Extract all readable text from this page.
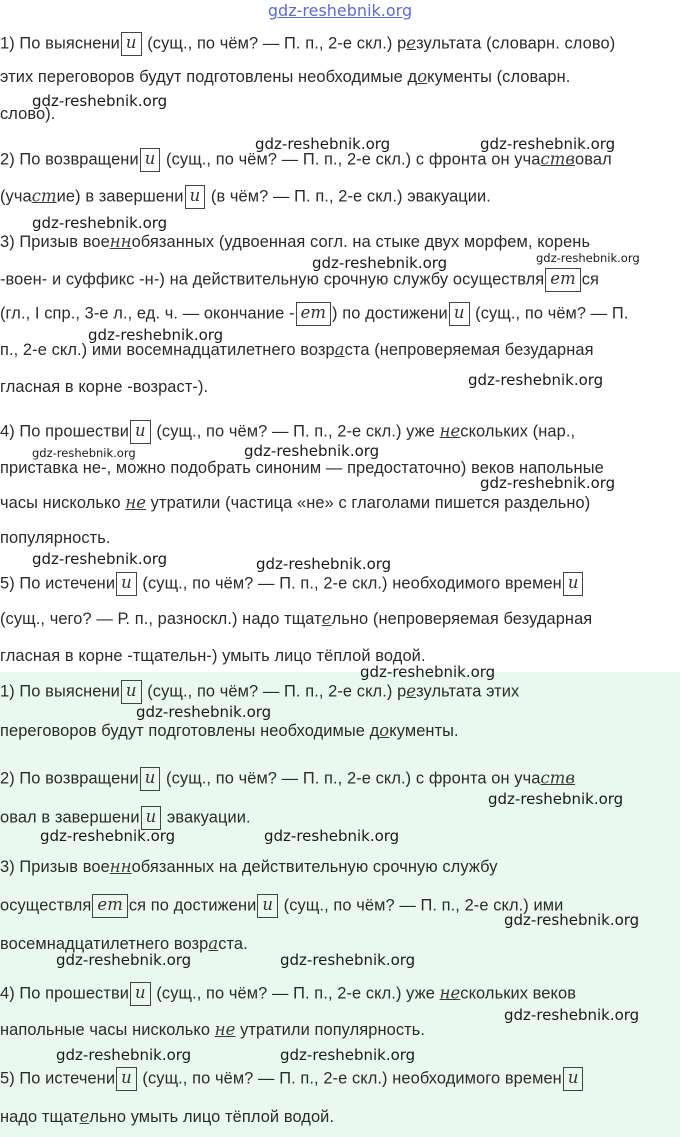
gdz-reshebnik.org
1) По выяснени и (сущ., по чём? — П. п., 2-е скл.) результата (словарн. слово)
этих переговоров будут подготовлены необходимые документы (словарн.
слово).
2) По возвращени и (сущ., по чём? — П. п., 2-е скл.) с фронта он участвовал
(участие) в завершени и (в чём? — П. п., 2-е скл.) эвакуации.
3) Призыв военнобязанных (удвоенная согл. на стыке двух морфем, корень
-воен- и суффикс -н-) на действительную срочную службу осуществля ет ся
(гл., I спр., 3-е л., ед. ч. — окончание - ет ) по достижени и (сущ., по чём? — П.
п., 2-е скл.) ими восемнадцатилетнего возраста (непроверяемая безударная
гласная в корне -возраст-).
4) По прошестви и (сущ., по чём? — П. п., 2-е скл.) уже нескольких (нар.,
приставка не-, можно подобрать синоним — предостаточно) веков напольные
часы нисколько не утратили (частица «не» с глаголами пишется раздельно)
популярность.
5) По истечени и (сущ., по чём? — П. п., 2-е скл.) необходимого времен и
(сущ., чего? — Р. п., разноскл.) надо тщательно (непроверяемая безударная
гласная в корне -тщательн-) умыть лицо тёплой водой.
1) По выяснени и (сущ., по чём? — П. п., 2-е скл.) результата этих
переговоров будут подготовлены необходимые документы.
2) По возвращени и (сущ., по чём? — П. п., 2-е скл.) с фронта он участв
овал в завершени и эвакуации.
3) Призыв военнобязанных на действительную срочную службу
осуществля ет ся по достижени и (сущ., по чём? — П. п., 2-е скл.) ими
восемнадцатилетнего возраста.
4) По прошестви и (сущ., по чём? — П. п., 2-е скл.) уже нескольких веков
напольные часы нисколько не утратили популярность.
5) По истечени и (сущ., по чём? — П. п., 2-е скл.) необходимого времен и
надо тщательно умыть лицо тёплой водой.
gdz-reshebnik.org
gdz-reshebnik.org	gdz-reshebnik.org
gdz-reshebnik.org
gdz-reshebnik.org
gdz-reshebnik.org
gdz-reshebnik.org
gdz-reshebnik.org
gdz-reshebnik.org	gdz-reshebnik.org
gdz-reshebnik.org
gdz-reshebnik.org	gdz-reshebnik.org
gdz-reshebnik.org
gdz-reshebnik.org
gdz-reshebnik.org
gdz-reshebnik.org	gdz-reshebnik.org
gdz-reshebnik.org
gdz-reshebnik.org	gdz-reshebnik.org
gdz-reshebnik.org
gdz-reshebnik.org	gdz-reshebnik.org
